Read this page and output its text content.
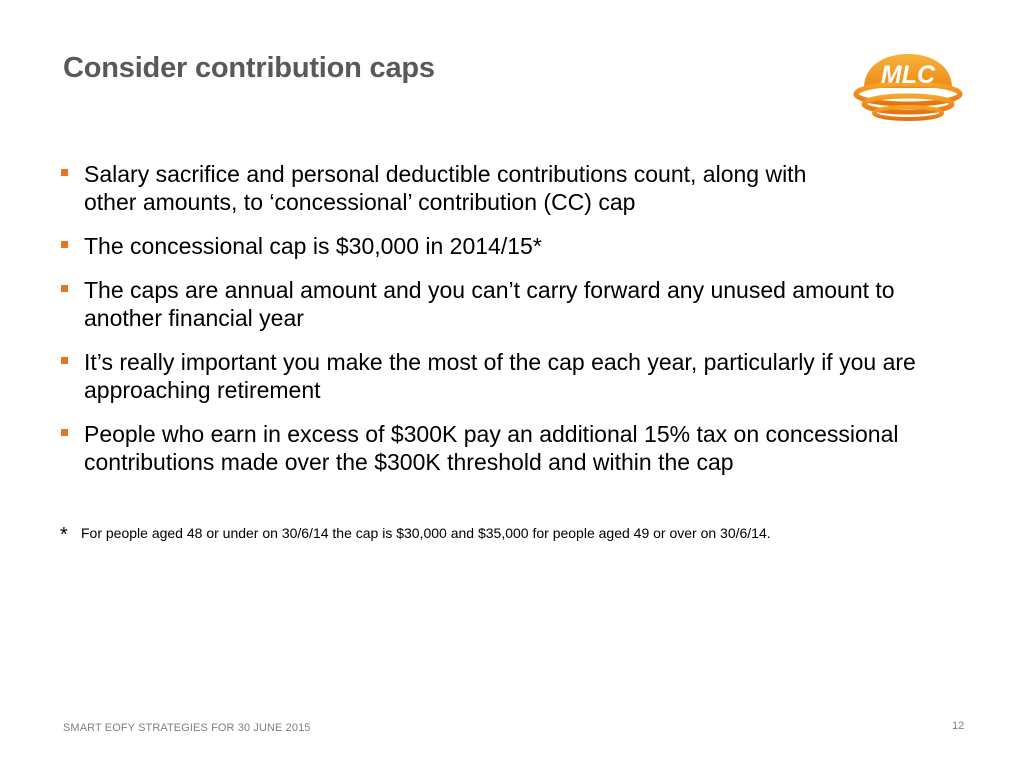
Consider contribution caps	MLC
Salary sacrifice and personal deductible contributions count, along with other amounts, to ‘concessional’ contribution (CC) cap
The concessional cap is $30,000 in 2014/15*
The caps are annual amount and you can’t carry forward any unused amount to another financial year
It’s really important you make the most of the cap each year, particularly if you are approaching retirement
People who earn in excess of $300K pay an additional 15% tax on concessional contributions made over the $300K threshold and within the cap
* For people aged 48 or under on 30/6/14 the cap is $30,000 and $35,000 for people aged 49 or over on 30/6/14.
SMART EOFY STRATEGIES FOR 30 JUNE 2015	12
